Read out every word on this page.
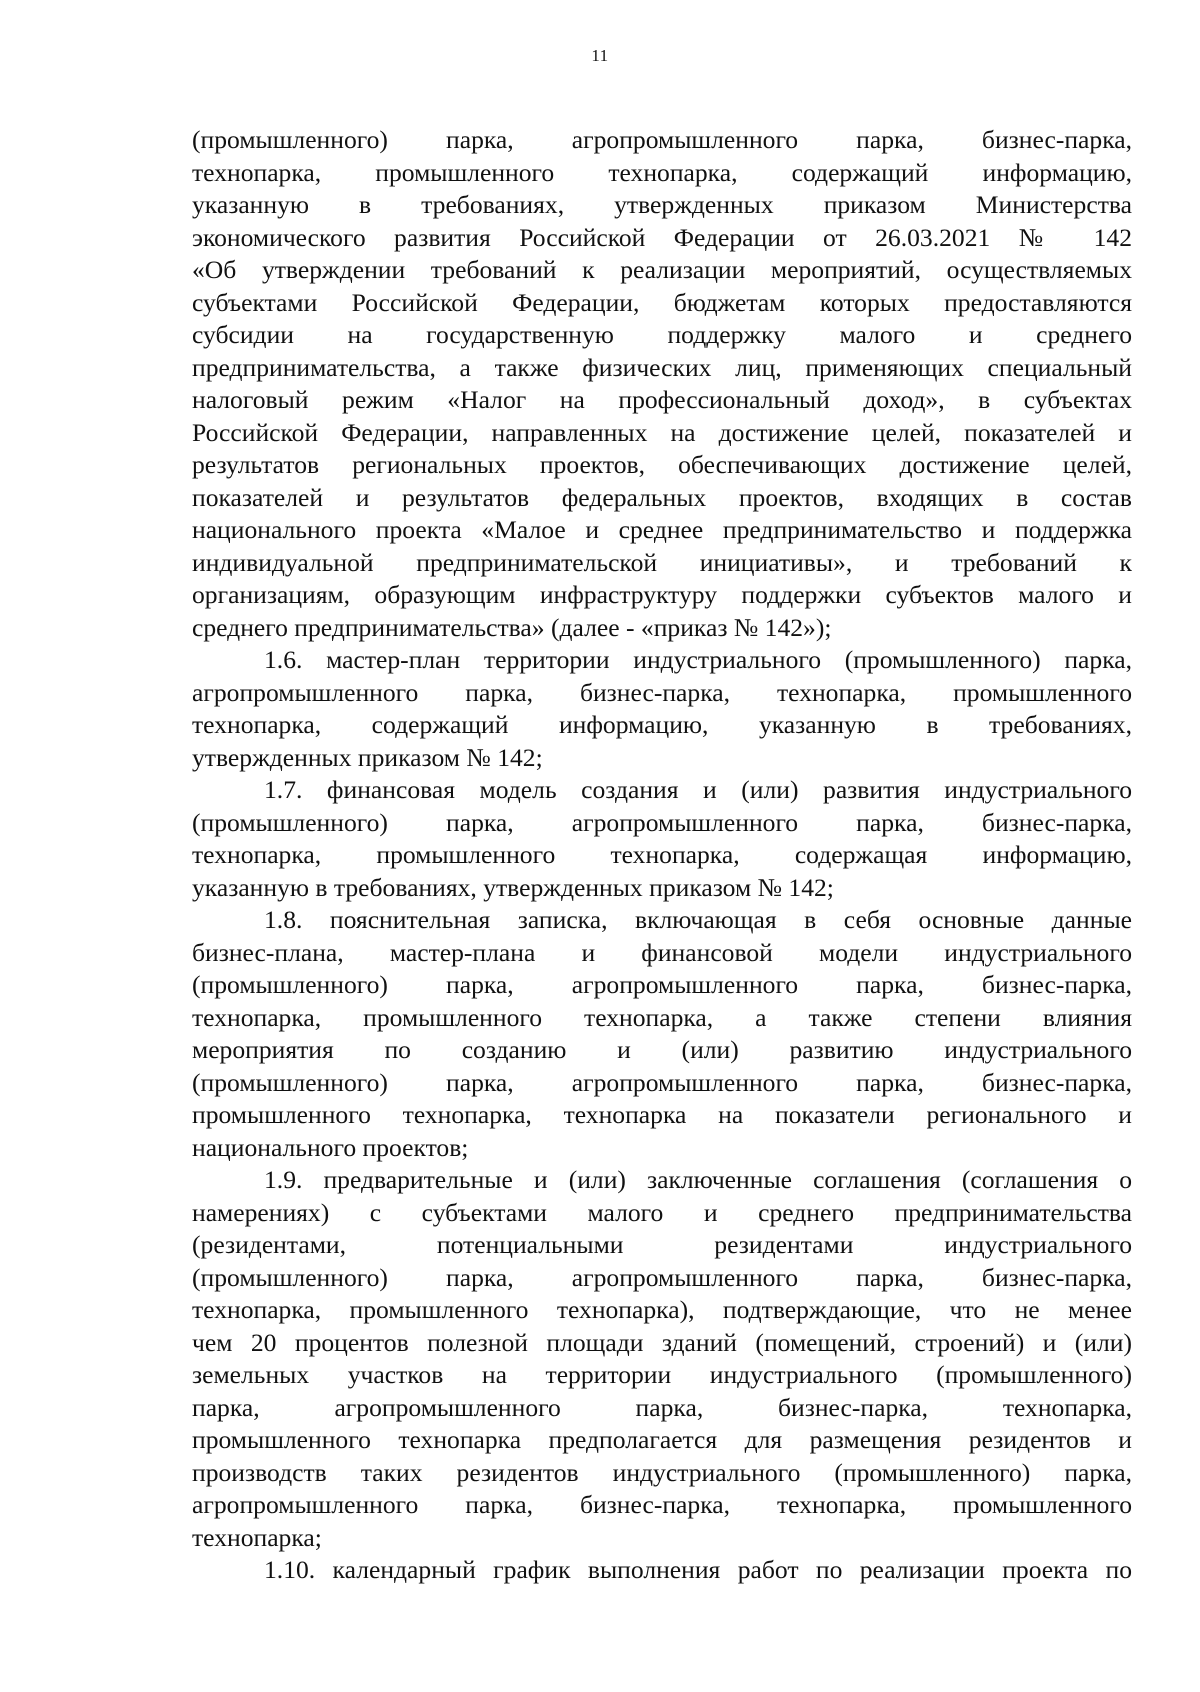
11
(промышленного) парка, агропромышленного парка, бизнес-парка,
технопарка, промышленного технопарка, содержащий информацию,
указанную в требованиях, утвержденных приказом Министерства
экономического развития Российской Федерации от 26.03.2021 № 142
«Об утверждении требований к реализации мероприятий, осуществляемых
субъектами Российской Федерации, бюджетам которых предоставляются
субсидии на государственную поддержку малого и среднего
предпринимательства, а также физических лиц, применяющих специальный
налоговый режим «Налог на профессиональный доход», в субъектах
Российской Федерации, направленных на достижение целей, показателей и
результатов региональных проектов, обеспечивающих достижение целей,
показателей и результатов федеральных проектов, входящих в состав
национального проекта «Малое и среднее предпринимательство и поддержка
индивидуальной предпринимательской инициативы», и требований к
организациям, образующим инфраструктуру поддержки субъектов малого и
среднего предпринимательства» (далее - «приказ № 142»);
1.6. мастер-план территории индустриального (промышленного) парка,
агропромышленного парка, бизнес-парка, технопарка, промышленного
технопарка, содержащий информацию, указанную в требованиях,
утвержденных приказом № 142;
1.7. финансовая модель создания и (или) развития индустриального
(промышленного) парка, агропромышленного парка, бизнес-парка,
технопарка, промышленного технопарка, содержащая информацию,
указанную в требованиях, утвержденных приказом № 142;
1.8. пояснительная записка, включающая в себя основные данные
бизнес-плана, мастер-плана и финансовой модели индустриального
(промышленного) парка, агропромышленного парка, бизнес-парка,
технопарка, промышленного технопарка, а также степени влияния
мероприятия по созданию и (или) развитию индустриального
(промышленного) парка, агропромышленного парка, бизнес-парка,
промышленного технопарка, технопарка на показатели регионального и
национального проектов;
1.9. предварительные и (или) заключенные соглашения (соглашения о
намерениях) с субъектами малого и среднего предпринимательства
(резидентами, потенциальными резидентами индустриального
(промышленного) парка, агропромышленного парка, бизнес-парка,
технопарка, промышленного технопарка), подтверждающие, что не менее
чем 20 процентов полезной площади зданий (помещений, строений) и (или)
земельных участков на территории индустриального (промышленного)
парка, агропромышленного парка, бизнес-парка, технопарка,
промышленного технопарка предполагается для размещения резидентов и
производств таких резидентов индустриального (промышленного) парка,
агропромышленного парка, бизнес-парка, технопарка, промышленного
технопарка;
1.10. календарный график выполнения работ по реализации проекта по
